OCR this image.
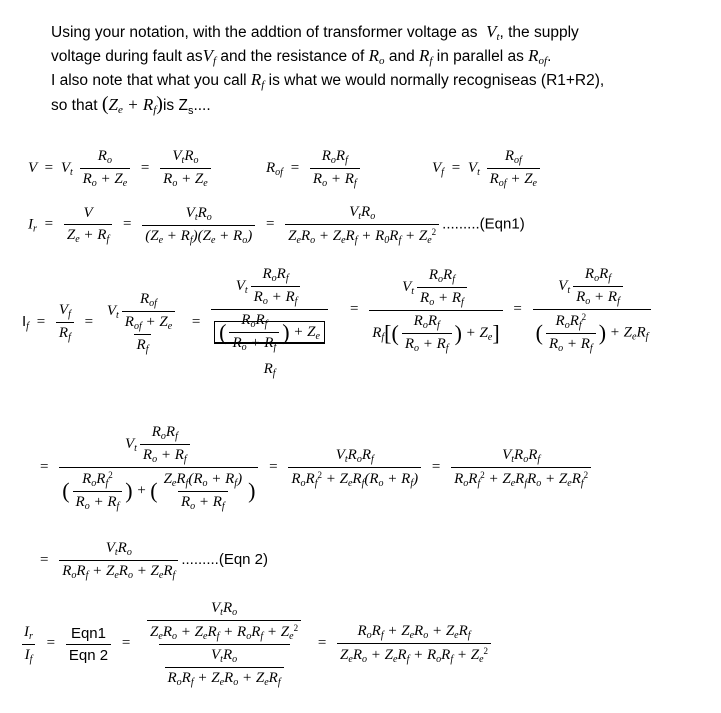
Using your notation, with the addtion of transformer voltage as  $V_t$, the supply
voltage during fault asV$_f$ and the resistance of $R_o$ and $R_f$ in parallel as $R_{of}$.
I also note that what you call $R_f$ is what we would normally recogniseas (R1+R2),
so that $(Z_e + R_f)is$ $Z_s$....
$V = V_t \frac{R_o}{R_o + Z_e} = \frac{V_tR_o}{R_o + Z_e}$	$R_{of} = \frac{R_oR_f}{R_o + R_f}$	$V_f = V_t \frac{R_{of}}{R_{of} + Z_e}$
$I_r = \frac{V}{Z_e + R_f} = \frac{V_tR_o}{(Z_e + R_f)(Z_e + R_o)} = \frac{V_tR_o}{Z_eR_o + Z_eR_f + R_0R_f + Z_e^2} .........(Eqn1)$
$I_f = \frac{V_f}{R_f} = \frac{V_t \frac{R_{of}}{R_{of} + Z_e}}{R_f}$ =
$V_t \frac{R_oR_f}{R_o + R_f}$
( $\frac{R_oR_f}{R_o + R_f}$ ) + $Z_e$
$R_f$
= $\frac{V_t \frac{R_oR_f}{R_o + R_f}}{R_f[( \frac{R_oR_f}{R_o + R_f} ) + Z_e]} = \frac{V_t \frac{R_oR_f}{R_o + R_f}}{( \frac{R_oR_f^2}{R_o + R_f} ) + Z_eR_f}$
= $\frac{V_t \frac{R_oR_f}{R_o + R_f}}{( \frac{R_oR_f^2}{R_o + R_f} ) + ( \frac{Z_eR_f(R_o + R_f)}{R_o + R_f} )} = \frac{V_tR_oR_f}{R_oR_f^2 + Z_eR_f(R_o + R_f)} = \frac{V_tR_oR_f}{R_oR_f^2 + Z_eR_fR_o + Z_eR_f^2}$
= $\frac{V_tR_o}{R_oR_f + Z_eR_o + Z_eR_f} .........(Eqn$ 2)
$\frac{I_r}{I_f} = \frac{\text{Eqn1}}{\text{Eqn 2}} = \frac{\frac{V_tR_o}{Z_eR_o + Z_eR_f + R_oR_f + Z_e^2}}{\frac{V_tR_o}{R_oR_f + Z_eR_o + Z_eR_f}} = \frac{R_oR_f + Z_eR_o + Z_eR_f}{Z_eR_o + Z_eR_f + R_oR_f + Z_e^2}$
